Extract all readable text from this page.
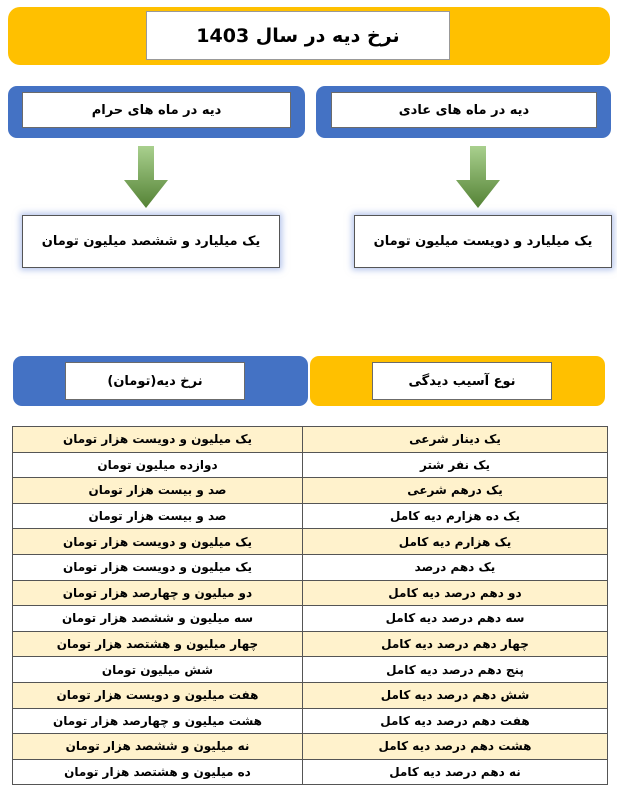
نرخ دیه در سال 1403
دیه در ماه های عادی
دیه در ماه های حرام
یک میلیارد و دویست میلیون تومان
یک میلیارد و ششصد میلیون تومان
نوع آسیب دیدگی
نرخ دیه(تومان)
یک میلیون و دویست هزار تومان	یک دینار شرعی
دوازده میلیون تومان	یک نفر شتر
صد و بیست هزار تومان	یک درهم شرعی
صد و بیست هزار تومان	یک ده هزارم دیه کامل
یک میلیون و دویست هزار تومان	یک هزارم دیه کامل
یک میلیون و دویست هزار تومان	یک دهم درصد
دو میلیون و چهارصد هزار تومان	دو دهم درصد دیه کامل
سه میلیون و ششصد هزار تومان	سه دهم درصد دیه کامل
چهار میلیون و هشتصد هزار تومان	چهار دهم درصد دیه کامل
شش میلیون تومان	پنج دهم درصد دیه کامل
هفت میلیون و دویست هزار تومان	شش دهم درصد دیه کامل
هشت میلیون و چهارصد هزار تومان	هفت دهم درصد دیه کامل
نه میلیون و ششصد هزار تومان	هشت دهم درصد دیه کامل
ده میلیون و هشتصد هزار تومان	نه دهم درصد دیه کامل
